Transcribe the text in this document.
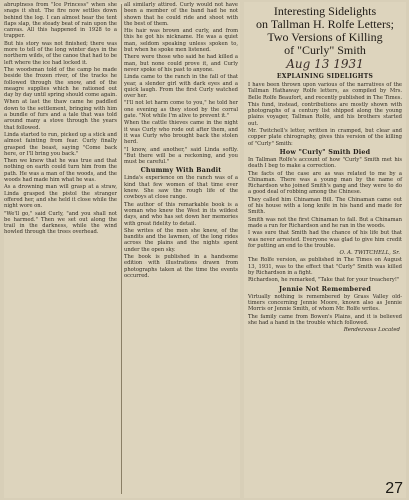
abruptness from "Ice Princess" when she snaps it shut. The fire now settles down behind the log. I can almost hear the tent flaps slap, the steady beat of rain upon the canvas. All this happened in 1928 to a trapper.

But his story was not finished; there was more to tell of the long winter days in the northern wilds, of the canoe that had to be left where the ice had locked it.

The woodsman told of the camp he made beside the frozen river, of the tracks he followed through the snow, and of the meagre supplies which he rationed out day by day until spring should come again.

When at last the thaw came he paddled down to the settlement, bringing with him a bundle of furs and a tale that was told around many a stove through the years that followed.

Linda started to run, picked up a stick and almost fainting from fear. Curly finally grasped the beast, saying "Come back here, or I'll bring you back."

Then we knew that he was true and that nothing on earth could turn him from the path. He was a man of the woods, and the woods had made him what he was.

As a drowning man will grasp at a straw, Linda grasped the pistol the stranger offered her, and she held it close while the night wore on.

"We'll go," said Curly, "and you shall not be harmed." Then we set out along the trail in the darkness, while the wind howled through the trees overhead.

all similarly attired. Curly would not have been a member of the band had he not shown that he could ride and shoot with the best of them.

His hair was brown and curly, and from this he got his nickname. He was a quiet man, seldom speaking unless spoken to, but when he spoke men listened.

There were those who said he had killed a man, but none could prove it, and Curly never spoke of his past to anyone.

Linda came to the ranch in the fall of that year, a slender girl with dark eyes and a quick laugh. From the first Curly watched over her.

"I'll not let harm come to you," he told her one evening as they stood by the corral gate. "Not while I'm alive to prevent it."

When the cattle thieves came in the night it was Curly who rode out after them, and it was Curly who brought back the stolen herd.

"I know, and another," said Linda softly. "But there will be a reckoning, and you must be careful."

Chummy With Bandit

Linda's experience on the ranch was of a kind that few women of that time ever knew. She saw the rough life of the cowboys at close range.

The author of this remarkable book is a woman who knew the West in its wildest days, and who has set down her memories with great fidelity to detail.

She writes of the men she knew, of the bandits and the lawmen, of the long rides across the plains and the nights spent under the open sky.

The book is published in a handsome edition with illustrations drawn from photographs taken at the time the events occurred.

Interesting Sidelights
on Tallman H. Rolfe Letters;
Two Versions of Killing
of "Curly" Smith
Aug 13 1931
EXPLAINING SIDELIGHTS

I have been thrown upon various of the narratives of the Tallman Hathaway Rolfe letters, as compiled by Mrs. Belle Rolfe Beaufort, and recently published in The Times.

This fund, instead, contributions are mostly shown with photographs of a century list shipped along the young plains voyager, Tallman Rolfe, and his brothers started out.

Mr. Twitchell's letter, written in cramped, but clear and copper plate chirography, gives this version of the killing of "Curly" Smith:

How "Curly" Smith Died

In Tallman Rolfe's account of how "Curly" Smith met his death I beg to make a correction.

The facts of the case are as was related to me by a Chinaman. There was a young man by the name of Richardson who joined Smith's gang and they were to do a good deal of robbing among the Chinese.

They called him Chinaman Bill. The Chinaman came out of his house with a long knife in his hand and made for Smith.

Smith was not the first Chinaman to fall. But a Chinaman made a run for Richardson and he ran in the woods.

I was sure that Smith had the chance of his life but that was never arrested. Everyone was glad to give him credit for putting an end to the trouble.

O. A. TWITCHELL, Sr.

The Rolfe version, as published in The Times on August 13, 1931, was to the effect that "Curly" Smith was killed by Richardson in a fight.

Richardson, he remarked, "Take that for your treachery!"

Jennie Not Remembered

Virtually nothing is remembered by Grass Valley old-timers concerning Jennie Moore, known also as Jennie Morris or Jennie Smith, of whom Mr. Rolfe writes.

The family came from Bowen's Plains, and it is believed she had a hand in the trouble which followed.

Rendezvous Located

27
